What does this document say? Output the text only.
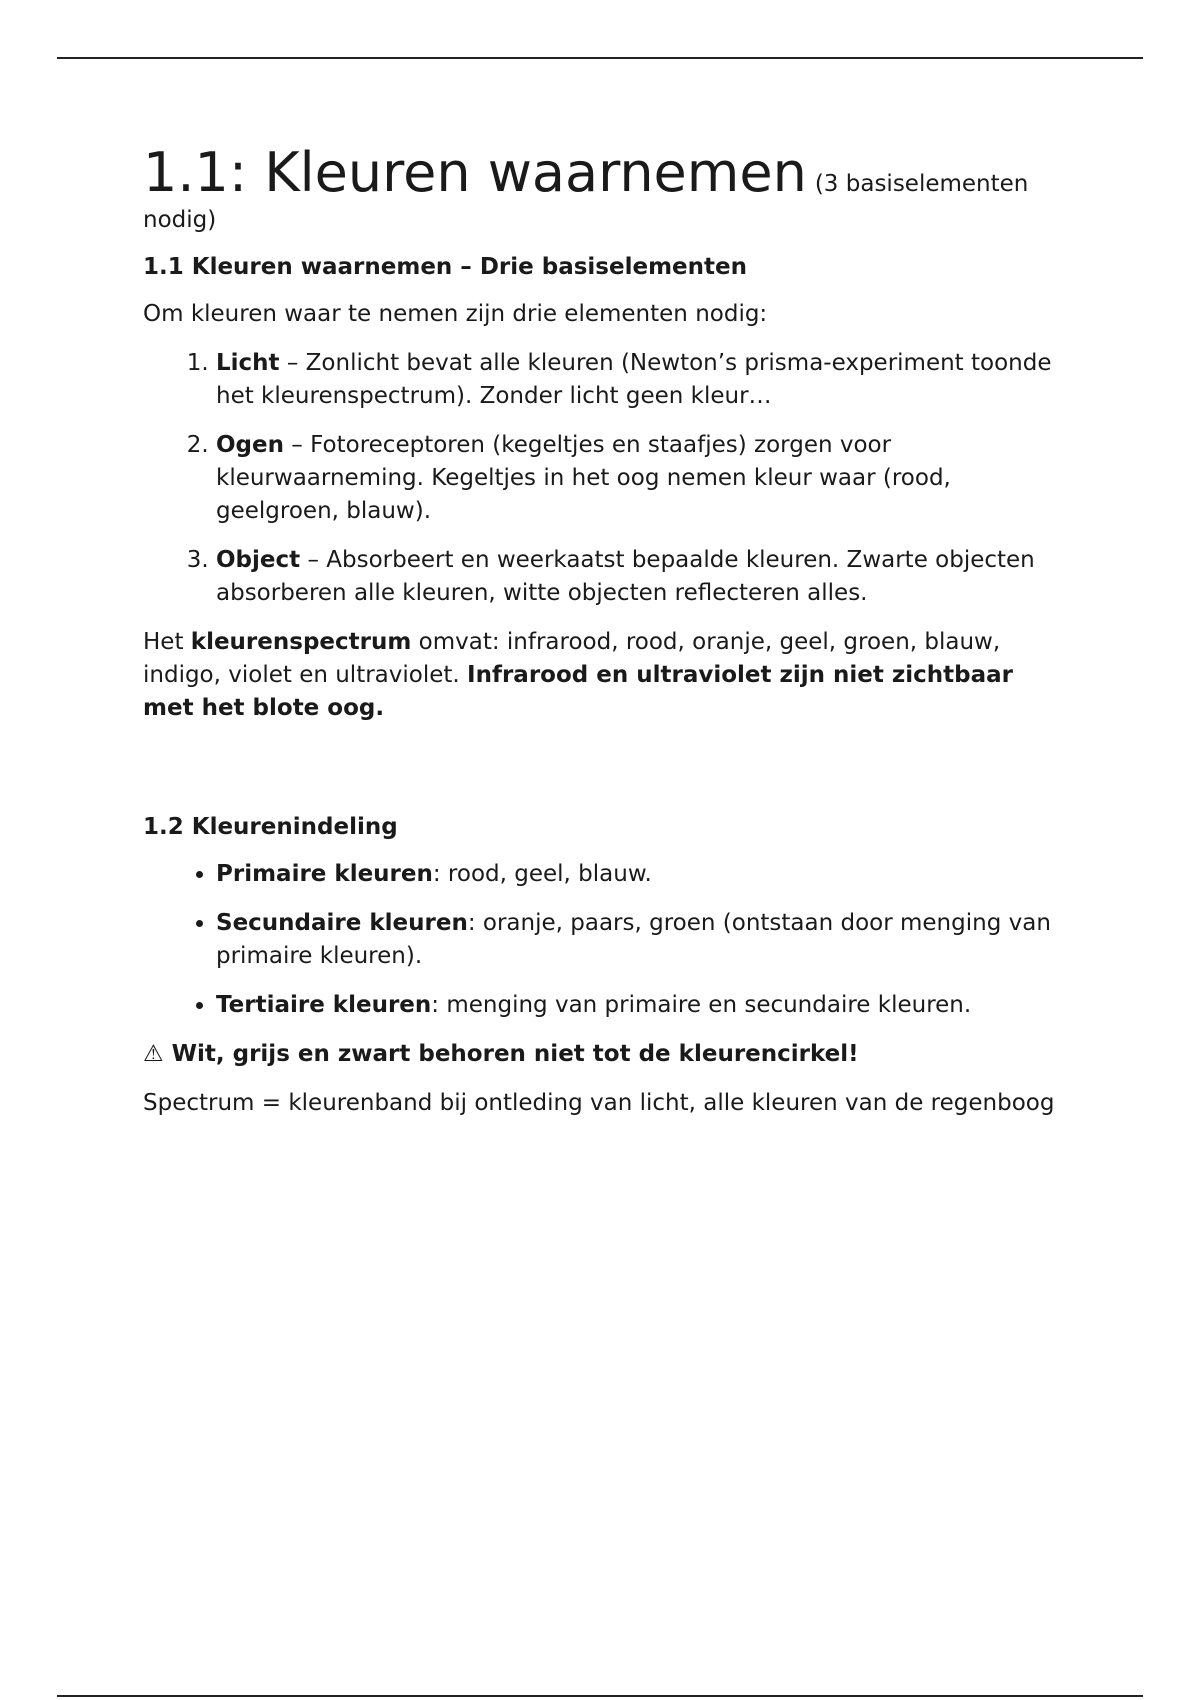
1.1: Kleuren waarnemen (3 basiselementen

nodig)

1.1 Kleuren waarnemen – Drie basiselementen

Om kleuren waar te nemen zijn drie elementen nodig:

1. Licht – Zonlicht bevat alle kleuren (Newton’s prisma-experiment toonde het kleurenspectrum). Zonder licht geen kleur…
2. Ogen – Fotoreceptoren (kegeltjes en staafjes) zorgen voor kleurwaarneming. Kegeltjes in het oog nemen kleur waar (rood, geelgroen, blauw).
3. Object – Absorbeert en weerkaatst bepaalde kleuren. Zwarte objecten absorberen alle kleuren, witte objecten reflecteren alles.

Het kleurenspectrum omvat: infrarood, rood, oranje, geel, groen, blauw, indigo, violet en ultraviolet. Infrarood en ultraviolet zijn niet zichtbaar met het blote oog.

1.2 Kleurenindeling
• Primaire kleuren: rood, geel, blauw.
• Secundaire kleuren: oranje, paars, groen (ontstaan door menging van primaire kleuren).
• Tertiaire kleuren: menging van primaire en secundaire kleuren.

⚠ Wit, grijs en zwart behoren niet tot de kleurencirkel!

Spectrum = kleurenband bij ontleding van licht, alle kleuren van de regenboog
